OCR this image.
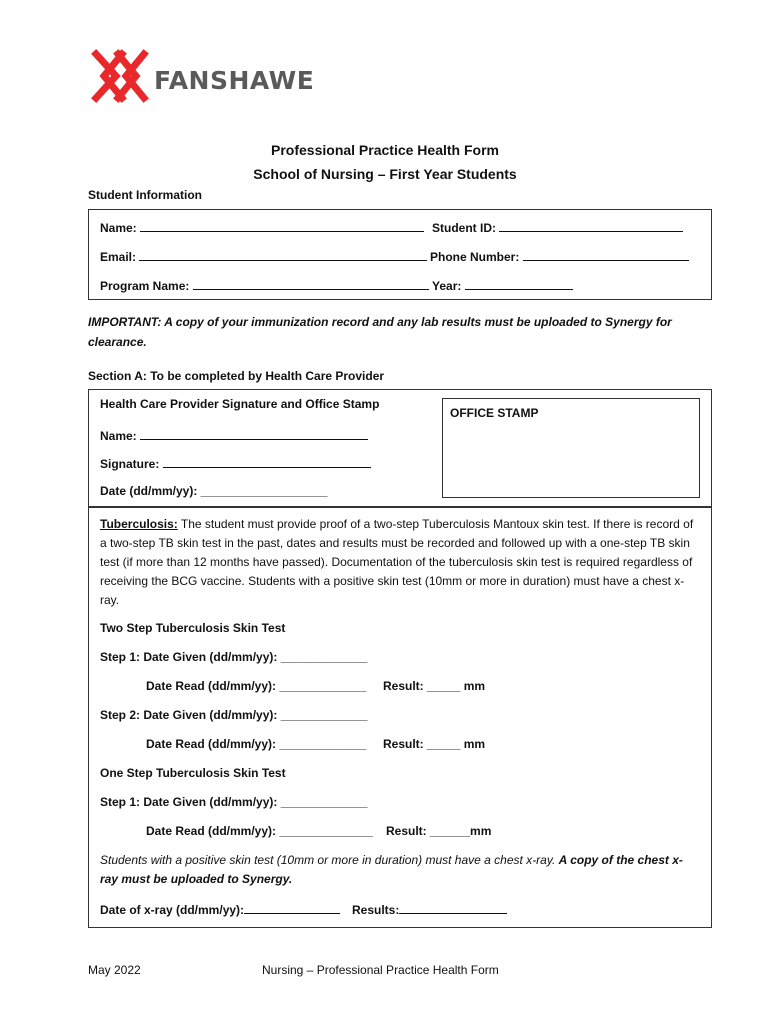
FANSHAWE
Professional Practice Health Form
School of Nursing – First Year Students
Student Information
Name:	Student ID:
Email:	Phone Number:
Program Name:	Year:
IMPORTANT: A copy of your immunization record and any lab results must be uploaded to Synergy for clearance.
Section A: To be completed by Health Care Provider
Health Care Provider Signature and Office Stamp
OFFICE STAMP
Name:
Signature:
Date (dd/mm/yy): ___________________
Tuberculosis: The student must provide proof of a two-step Tuberculosis Mantoux skin test. If there is record of a two-step TB skin test in the past, dates and results must be recorded and followed up with a one-step TB skin test (if more than 12 months have passed). Documentation of the tuberculosis skin test is required regardless of receiving the BCG vaccine. Students with a positive skin test (10mm or more in duration) must have a chest x-ray.
Two Step Tuberculosis Skin Test
Step 1: Date Given (dd/mm/yy): _____________
Date Read (dd/mm/yy): _____________ Result: _____ mm
Step 2: Date Given (dd/mm/yy): _____________
Date Read (dd/mm/yy): _____________ Result: _____ mm
One Step Tuberculosis Skin Test
Step 1: Date Given (dd/mm/yy): _____________
Date Read (dd/mm/yy): ______________ Result: ______mm
Students with a positive skin test (10mm or more in duration) must have a chest x-ray. A copy of the chest x-ray must be uploaded to Synergy.
Date of x-ray (dd/mm/yy):	Results:
May 2022	Nursing – Professional Practice Health Form
